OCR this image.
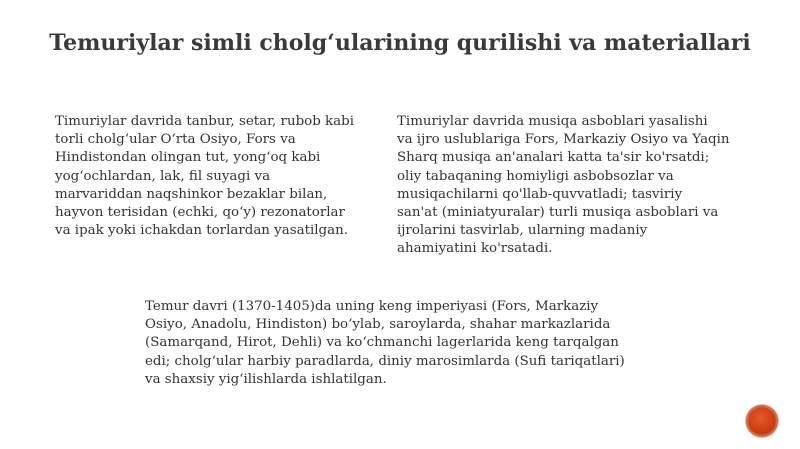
Temuriylar simli cholg‘ularining qurilishi va materiallari
Timuriylar davrida tanbur, setar, rubob kabi
torli cholg‘ular O‘rta Osiyo, Fors va
Hindistondan olingan tut, yong‘oq kabi
yog‘ochlardan, lak, fil suyagi va
marvariddan naqshinkor bezaklar bilan,
hayvon terisidan (echki, qo‘y) rezonatorlar
va ipak yoki ichakdan torlardan yasatilgan.
Timuriylar davrida musiqa asboblari yasalishi
va ijro uslublariga Fors, Markaziy Osiyo va Yaqin
Sharq musiqa an'analari katta ta'sir ko'rsatdi;
oliy tabaqaning homiyligi asbobsozlar va
musiqachilarni qo'llab-quvvatladi; tasviriy
san'at (miniatyuralar) turli musiqa asboblari va
ijrolarini tasvirlab, ularning madaniy
ahamiyatini ko'rsatadi.
Temur davri (1370-1405)da uning keng imperiyasi (Fors, Markaziy
Osiyo, Anadolu, Hindiston) bo‘ylab, saroylarda, shahar markazlarida
(Samarqand, Hirot, Dehli) va ko‘chmanchi lagerlarida keng tarqalgan
edi; cholg‘ular harbiy paradlarda, diniy marosimlarda (Sufi tariqatlari)
va shaxsiy yig‘ilishlarda ishlatilgan.
